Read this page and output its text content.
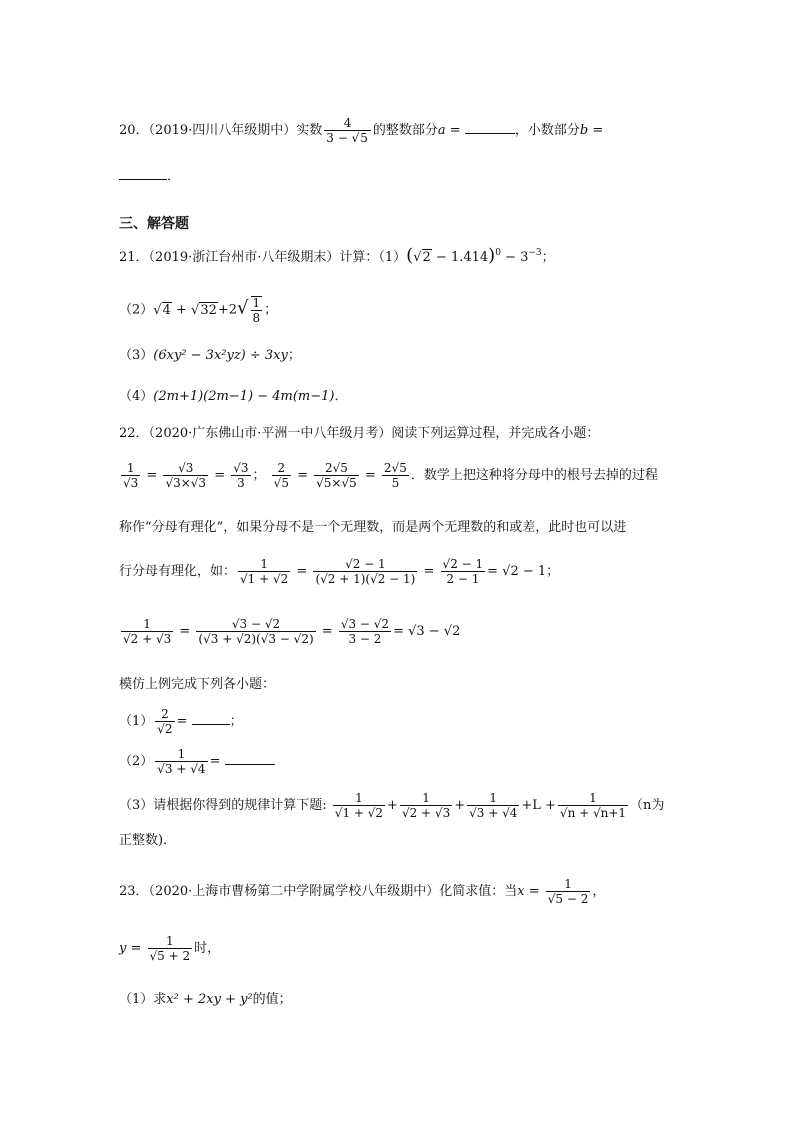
20．（2019·四川八年级期中）实数 $\frac{4}{3 - √ 5}$ 的整数部分a =	，小数部分b =
．
三、解答题
21．（2019·浙江台州市·八年级期末）计算：（1）( √ $2 - 1.414)^0 - 3^{-3}$；
（2） √ 4 + √ $32+2√ \frac{1}{8}$ ；
（3）(6xy² − 3x²yz) ÷ 3xy；
（4）(2m+1)(2m−1) − 4m(m−1)．
22．（2020·广东佛山市·平洲一中八年级月考）阅读下列运算过程，并完成各小题：
$\frac{1}{√3} = \frac{√3}{√3\times√3} = \frac{√3}{3}$ ； $\frac{2}{√5} = \frac{2√5}{√5\times√5} = \frac{2√5}{5}$ ．数学上把这种将分母中的根号去掉的过程
称作“分母有理化”，如果分母不是一个无理数，而是两个无理数的和或差，此时也可以进
行分母有理化，如： $\frac{1}{√1 + √2} = \frac{√2 - 1}{(√2 + 1)(√2 - 1)} = \frac{√2 - 1}{2 - 1} = √2 - 1$；
$\frac{1}{√2 + √3} = \frac{√3 - √2}{(√3 + √2)(√3 - √2)} = \frac{√3 - √2}{3 - 2} = √3 - √2$
模仿上例完成下列各小题：
$(1) \frac{2}{√2}$ =	；
$(2) \frac{1}{√3 + √4}$ =
（3）请根据你得到的规律计算下题: $\frac{1}{√1 + √2} + \frac{1}{√2 + √3} + \frac{1}{√3 + √4} +L + \frac{1}{√n + √n+1} (n$为
正整数)．
23．（2020·上海市曹杨第二中学附属学校八年级期中）化简求值：当$x = \frac{1}{√5 - 2}$ ，
$y = \frac{1}{√5 + 2}$ 时，
（1）求x² + 2xy + y²的值；
